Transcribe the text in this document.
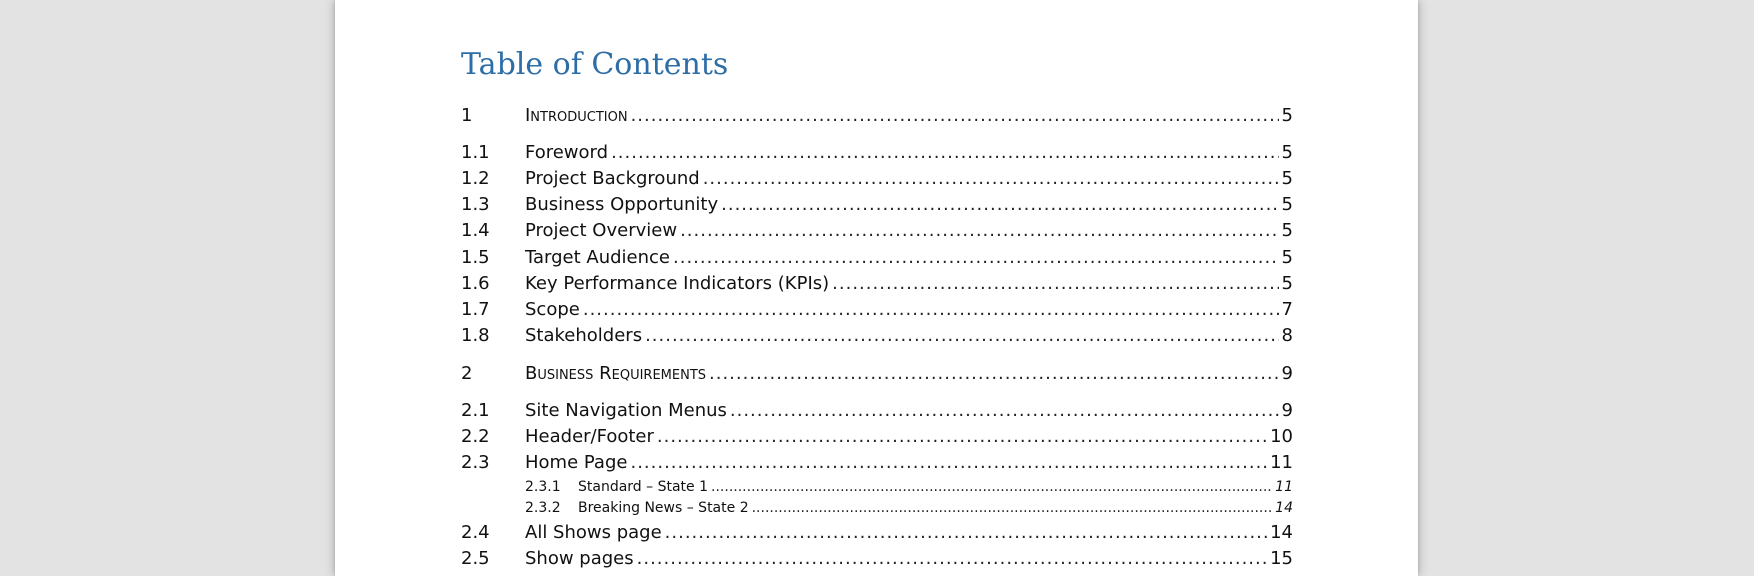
Table of Contents
1	Introduction .....	5
1.1	Foreword .....	5
1.2	Project Background .....	5
1.3	Business Opportunity .....	5
1.4	Project Overview .....	5
1.5	Target Audience .....	5
1.6	Key Performance Indicators (KPIs) .....	5
1.7	Scope .....	7
1.8	Stakeholders .....	8
2	Business Requirements .....	9
2.1	Site Navigation Menus .....	9
2.2	Header/Footer .....	10
2.3	Home Page .....	11
2.3.1	Standard – State 1 .....	11
2.3.2	Breaking News – State 2 .....	14
2.4	All Shows page .....	14
2.5	Show pages .....	15
